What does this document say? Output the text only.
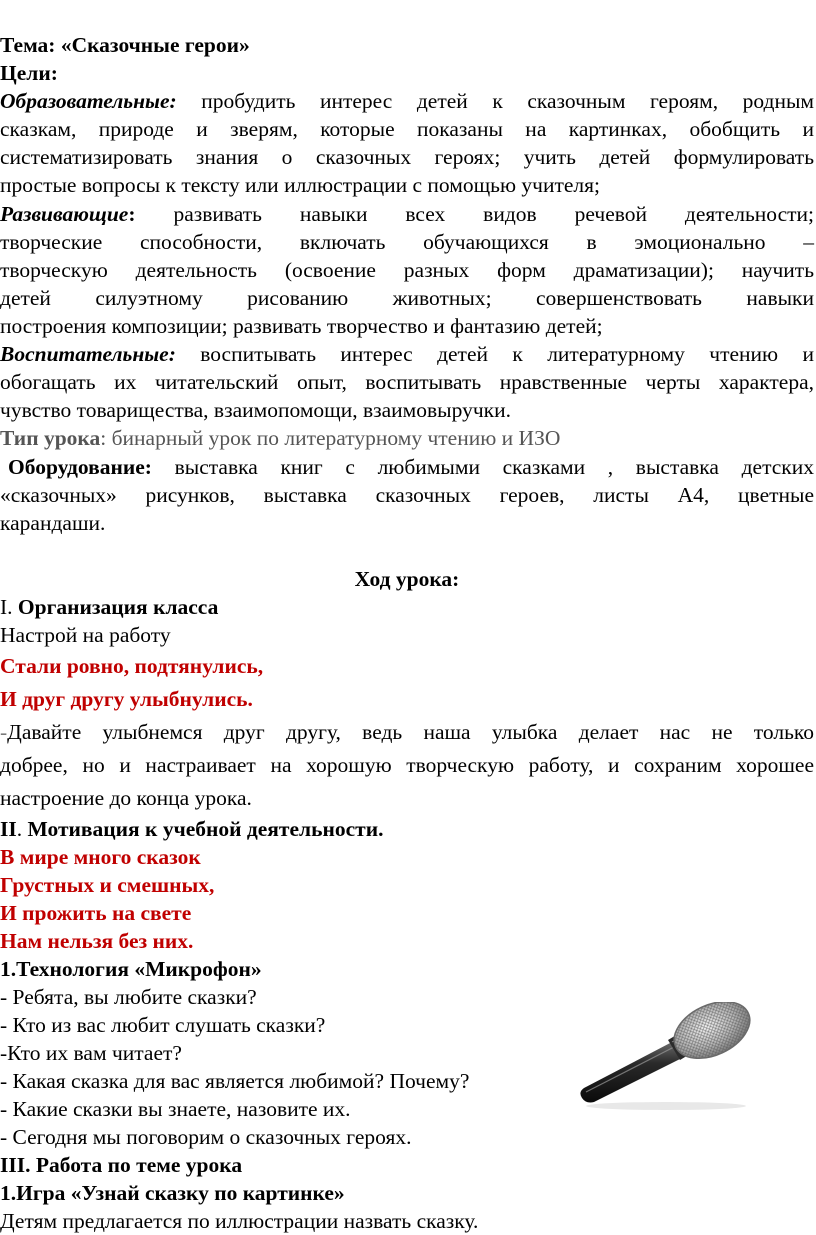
Тема: «Сказочные герои»
Цели:
Образовательные: пробудить интерес детей к сказочным героям, родным
сказкам, природе и зверям, которые показаны на картинках, обобщить и
систематизировать знания о сказочных героях; учить детей формулировать
простые вопросы к тексту или иллюстрации с помощью учителя;
Развивающие: развивать навыки всех видов речевой деятельности;
творческие способности, включать обучающихся в эмоционально –
творческую деятельность (освоение разных форм драматизации); научить
детей силуэтному рисованию животных; совершенствовать навыки
построения композиции; развивать творчество и фантазию детей;
Воспитательные: воспитывать интерес детей к литературному чтению и
обогащать их читательский опыт, воспитывать нравственные черты характера,
чувство товарищества, взаимопомощи, взаимовыручки.
Тип урока: бинарный урок по литературному чтению и ИЗО
Оборудование: выставка книг с любимыми сказками , выставка детских
«сказочных» рисунков, выставка сказочных героев, листы А4, цветные
карандаши.
Ход урока:
I. Организация класса
Настрой на работу
Стали ровно, подтянулись,
И друг другу улыбнулись.
-Давайте улыбнемся друг другу, ведь наша улыбка делает нас не только
добрее, но и настраивает на хорошую творческую работу, и сохраним хорошее
настроение до конца урока.
II. Мотивация к учебной деятельности.
В мире много сказок
Грустных и смешных,
И прожить на свете
Нам нельзя без них.
1.Технология «Микрофон»
- Ребята, вы любите сказки?
- Кто из вас любит слушать сказки?
-Кто их вам читает?
- Какая сказка для вас является любимой? Почему?
- Какие сказки вы знаете, назовите их.
- Сегодня мы поговорим о сказочных героях.
III. Работа по теме урока
1.Игра «Узнай сказку по картинке»
Детям предлагается по иллюстрации назвать сказку.
